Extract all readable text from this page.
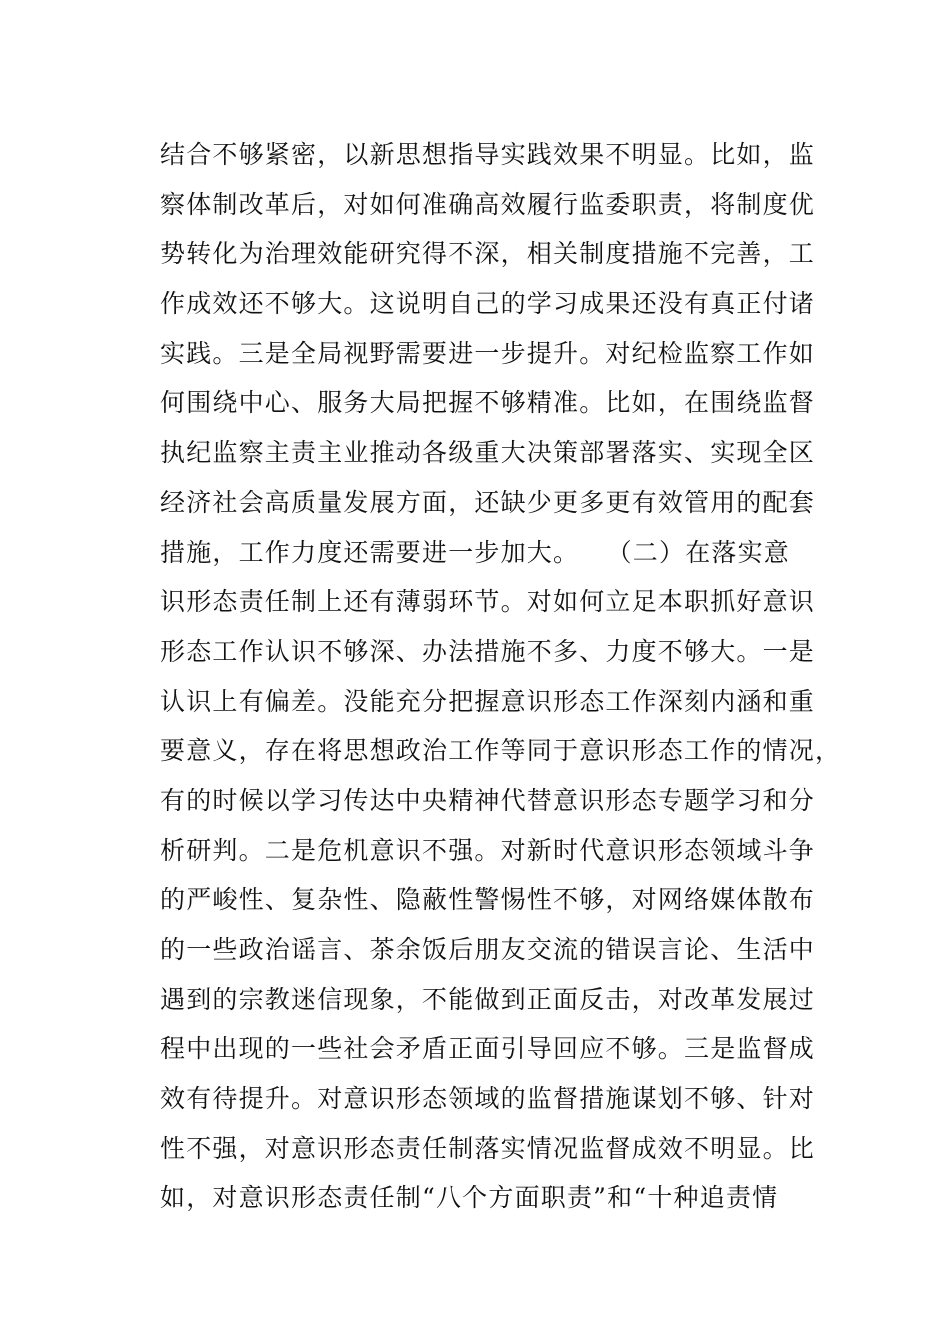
结合不够紧密，以新思想指导实践效果不明显。比如，监
察体制改革后，对如何准确高效履行监委职责，将制度优
势转化为治理效能研究得不深，相关制度措施不完善，工
作成效还不够大。这说明自己的学习成果还没有真正付诸
实践。三是全局视野需要进一步提升。对纪检监察工作如
何围绕中心、服务大局把握不够精准。比如，在围绕监督
执纪监察主责主业推动各级重大决策部署落实、实现全区
经济社会高质量发展方面，还缺少更多更有效管用的配套
措施，工作力度还需要进一步加大。　　（二）在落实意
识形态责任制上还有薄弱环节。对如何立足本职抓好意识
形态工作认识不够深、办法措施不多、力度不够大。一是
认识上有偏差。没能充分把握意识形态工作深刻内涵和重
要意义，存在将思想政治工作等同于意识形态工作的情况，
有的时候以学习传达中央精神代替意识形态专题学习和分
析研判。二是危机意识不强。对新时代意识形态领域斗争
的严峻性、复杂性、隐蔽性警惕性不够，对网络媒体散布
的一些政治谣言、茶余饭后朋友交流的错误言论、生活中
遇到的宗教迷信现象，不能做到正面反击，对改革发展过
程中出现的一些社会矛盾正面引导回应不够。三是监督成
效有待提升。对意识形态领域的监督措施谋划不够、针对
性不强，对意识形态责任制落实情况监督成效不明显。比
如，对意识形态责任制“八个方面职责”和“十种追责情
